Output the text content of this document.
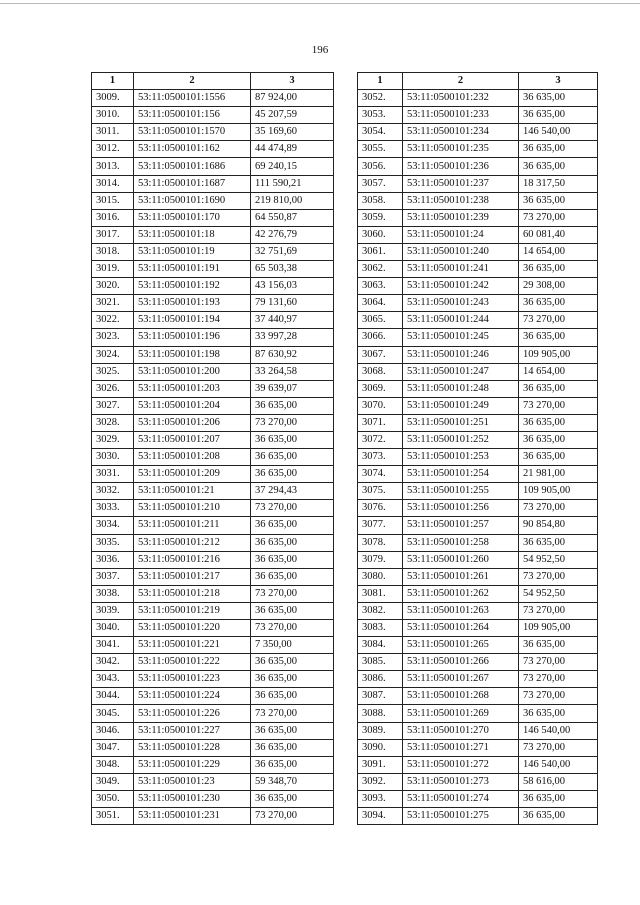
196
1	2	3
3009.	53:11:0500101:1556	87 924,00
3010.	53:11:0500101:156	45 207,59
3011.	53:11:0500101:1570	35 169,60
3012.	53:11:0500101:162	44 474,89
3013.	53:11:0500101:1686	69 240,15
3014.	53:11:0500101:1687	111 590,21
3015.	53:11:0500101:1690	219 810,00
3016.	53:11:0500101:170	64 550,87
3017.	53:11:0500101:18	42 276,79
3018.	53:11:0500101:19	32 751,69
3019.	53:11:0500101:191	65 503,38
3020.	53:11:0500101:192	43 156,03
3021.	53:11:0500101:193	79 131,60
3022.	53:11:0500101:194	37 440,97
3023.	53:11:0500101:196	33 997,28
3024.	53:11:0500101:198	87 630,92
3025.	53:11:0500101:200	33 264,58
3026.	53:11:0500101:203	39 639,07
3027.	53:11:0500101:204	36 635,00
3028.	53:11:0500101:206	73 270,00
3029.	53:11:0500101:207	36 635,00
3030.	53:11:0500101:208	36 635,00
3031.	53:11:0500101:209	36 635,00
3032.	53:11:0500101:21	37 294,43
3033.	53:11:0500101:210	73 270,00
3034.	53:11:0500101:211	36 635,00
3035.	53:11:0500101:212	36 635,00
3036.	53:11:0500101:216	36 635,00
3037.	53:11:0500101:217	36 635,00
3038.	53:11:0500101:218	73 270,00
3039.	53:11:0500101:219	36 635,00
3040.	53:11:0500101:220	73 270,00
3041.	53:11:0500101:221	7 350,00
3042.	53:11:0500101:222	36 635,00
3043.	53:11:0500101:223	36 635,00
3044.	53:11:0500101:224	36 635,00
3045.	53:11:0500101:226	73 270,00
3046.	53:11:0500101:227	36 635,00
3047.	53:11:0500101:228	36 635,00
3048.	53:11:0500101:229	36 635,00
3049.	53:11:0500101:23	59 348,70
3050.	53:11:0500101:230	36 635,00
3051.	53:11:0500101:231	73 270,00
1	2	3
3052.	53:11:0500101:232	36 635,00
3053.	53:11:0500101:233	36 635,00
3054.	53:11:0500101:234	146 540,00
3055.	53:11:0500101:235	36 635,00
3056.	53:11:0500101:236	36 635,00
3057.	53:11:0500101:237	18 317,50
3058.	53:11:0500101:238	36 635,00
3059.	53:11:0500101:239	73 270,00
3060.	53:11:0500101:24	60 081,40
3061.	53:11:0500101:240	14 654,00
3062.	53:11:0500101:241	36 635,00
3063.	53:11:0500101:242	29 308,00
3064.	53:11:0500101:243	36 635,00
3065.	53:11:0500101:244	73 270,00
3066.	53:11:0500101:245	36 635,00
3067.	53:11:0500101:246	109 905,00
3068.	53:11:0500101:247	14 654,00
3069.	53:11:0500101:248	36 635,00
3070.	53:11:0500101:249	73 270,00
3071.	53:11:0500101:251	36 635,00
3072.	53:11:0500101:252	36 635,00
3073.	53:11:0500101:253	36 635,00
3074.	53:11:0500101:254	21 981,00
3075.	53:11:0500101:255	109 905,00
3076.	53:11:0500101:256	73 270,00
3077.	53:11:0500101:257	90 854,80
3078.	53:11:0500101:258	36 635,00
3079.	53:11:0500101:260	54 952,50
3080.	53:11:0500101:261	73 270,00
3081.	53:11:0500101:262	54 952,50
3082.	53:11:0500101:263	73 270,00
3083.	53:11:0500101:264	109 905,00
3084.	53:11:0500101:265	36 635,00
3085.	53:11:0500101:266	73 270,00
3086.	53:11:0500101:267	73 270,00
3087.	53:11:0500101:268	73 270,00
3088.	53:11:0500101:269	36 635,00
3089.	53:11:0500101:270	146 540,00
3090.	53:11:0500101:271	73 270,00
3091.	53:11:0500101:272	146 540,00
3092.	53:11:0500101:273	58 616,00
3093.	53:11:0500101:274	36 635,00
3094.	53:11:0500101:275	36 635,00
